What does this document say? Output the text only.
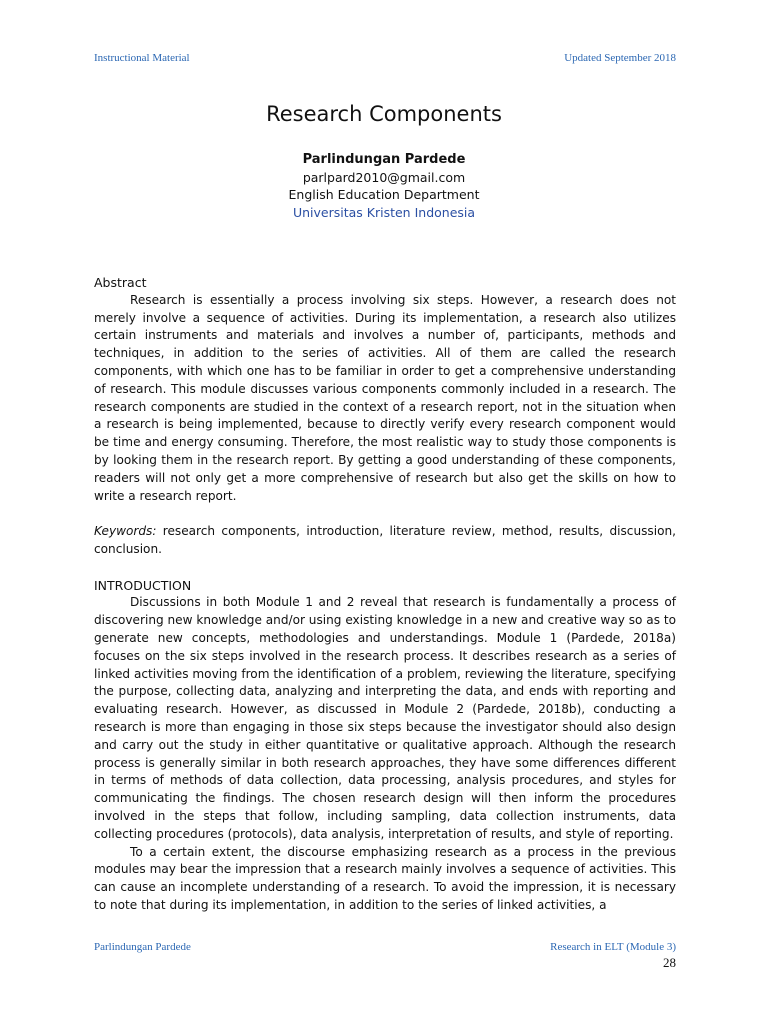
Instructional Material	Updated September 2018
Research Components
Parlindungan Pardede
parlpard2010@gmail.com
English Education Department
Universitas Kristen Indonesia
Abstract

Research is essentially a process involving six steps. However, a research does not merely involve a sequence of activities. During its implementation, a research also utilizes certain instruments and materials and involves a number of, participants, methods and techniques, in addition to the series of activities. All of them are called the research components, with which one has to be familiar in order to get a comprehensive understanding of research. This module discusses various components commonly included in a research. The research components are studied in the context of a research report, not in the situation when a research is being implemented, because to directly verify every research component would be time and energy consuming. Therefore, the most realistic way to study those components is by looking them in the research report. By getting a good understanding of these components, readers will not only get a more comprehensive of research but also get the skills on how to write a research report.

Keywords: research components, introduction, literature review, method, results, discussion, conclusion.

INTRODUCTION

Discussions in both Module 1 and 2 reveal that research is fundamentally a process of discovering new knowledge and/or using existing knowledge in a new and creative way so as to generate new concepts, methodologies and understandings. Module 1 (Pardede, 2018a) focuses on the six steps involved in the research process. It describes research as a series of linked activities moving from the identification of a problem, reviewing the literature, specifying the purpose, collecting data, analyzing and interpreting the data, and ends with reporting and evaluating research. However, as discussed in Module 2 (Pardede, 2018b), conducting a research is more than engaging in those six steps because the investigator should also design and carry out the study in either quantitative or qualitative approach. Although the research process is generally similar in both research approaches, they have some differences different in terms of methods of data collection, data processing, analysis procedures, and styles for communicating the findings. The chosen research design will then inform the procedures involved in the steps that follow, including sampling, data collection instruments, data collecting procedures (protocols), data analysis, interpretation of results, and style of reporting.

To a certain extent, the discourse emphasizing research as a process in the previous modules may bear the impression that a research mainly involves a sequence of activities. This can cause an incomplete understanding of a research. To avoid the impression, it is necessary to note that during its implementation, in addition to the series of linked activities, a

Parlindungan Pardede	Research in ELT (Module 3)
28
